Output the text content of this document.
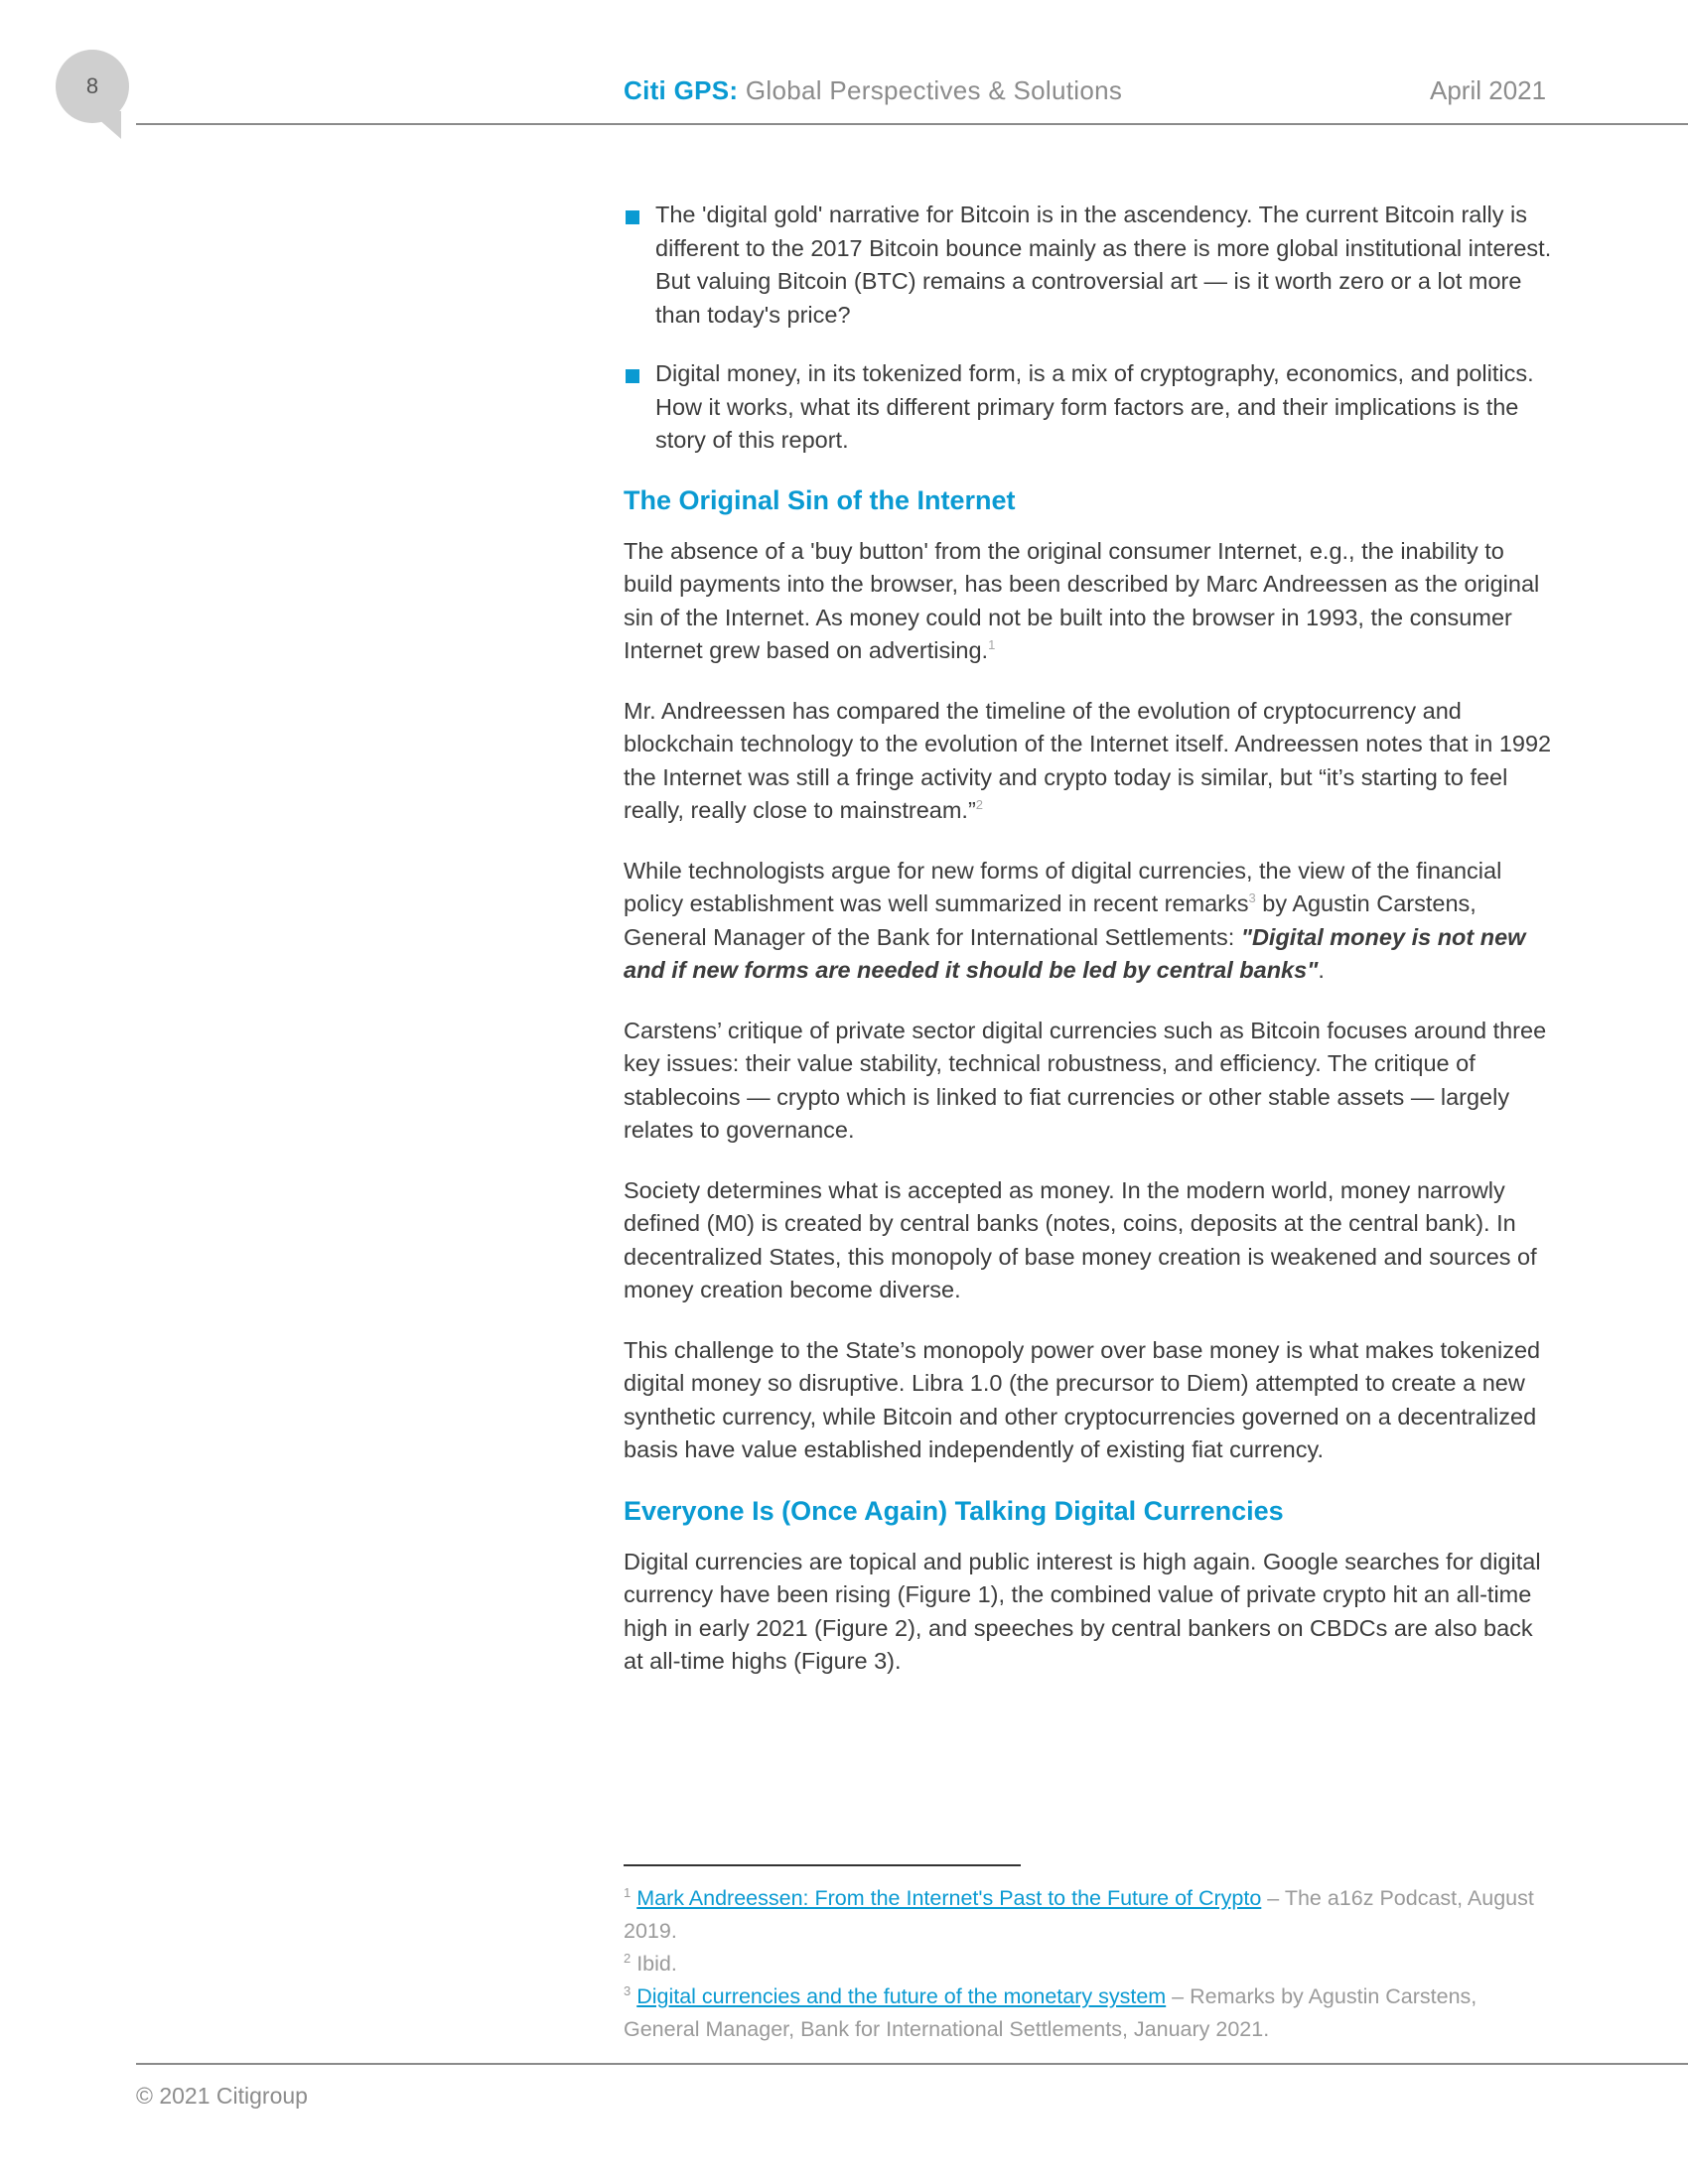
8	Citi GPS: Global Perspectives & Solutions	April 2021
The 'digital gold' narrative for Bitcoin is in the ascendency. The current Bitcoin rally is different to the 2017 Bitcoin bounce mainly as there is more global institutional interest. But valuing Bitcoin (BTC) remains a controversial art — is it worth zero or a lot more than today's price?
Digital money, in its tokenized form, is a mix of cryptography, economics, and politics. How it works, what its different primary form factors are, and their implications is the story of this report.
The Original Sin of the Internet

The absence of a 'buy button' from the original consumer Internet, e.g., the inability to build payments into the browser, has been described by Marc Andreessen as the original sin of the Internet. As money could not be built into the browser in 1993, the consumer Internet grew based on advertising.$^1$

Mr. Andreessen has compared the timeline of the evolution of cryptocurrency and blockchain technology to the evolution of the Internet itself. Andreessen notes that in 1992 the Internet was still a fringe activity and crypto today is similar, but “it’s starting to feel really, really close to mainstream.”$^2$

While technologists argue for new forms of digital currencies, the view of the financial policy establishment was well summarized in recent remarks$^3$ by Agustin Carstens, General Manager of the Bank for International Settlements: "Digital money is not new and if new forms are needed it should be led by central banks".

Carstens’ critique of private sector digital currencies such as Bitcoin focuses around three key issues: their value stability, technical robustness, and efficiency. The critique of stablecoins — crypto which is linked to fiat currencies or other stable assets — largely relates to governance.

Society determines what is accepted as money. In the modern world, money narrowly defined (M0) is created by central banks (notes, coins, deposits at the central bank). In decentralized States, this monopoly of base money creation is weakened and sources of money creation become diverse.

This challenge to the State’s monopoly power over base money is what makes tokenized digital money so disruptive. Libra 1.0 (the precursor to Diem) attempted to create a new synthetic currency, while Bitcoin and other cryptocurrencies governed on a decentralized basis have value established independently of existing fiat currency.

Everyone Is (Once Again) Talking Digital Currencies

Digital currencies are topical and public interest is high again. Google searches for digital currency have been rising (Figure 1), the combined value of private crypto hit an all-time high in early 2021 (Figure 2), and speeches by central bankers on CBDCs are also back at all-time highs (Figure 3).

$^1$ Mark Andreessen: From the Internet's Past to the Future of Crypto – The a16z Podcast, August 2019.
$^2$ Ibid.
$^3$ Digital currencies and the future of the monetary system – Remarks by Agustin Carstens, General Manager, Bank for International Settlements, January 2021.
© 2021 Citigroup
